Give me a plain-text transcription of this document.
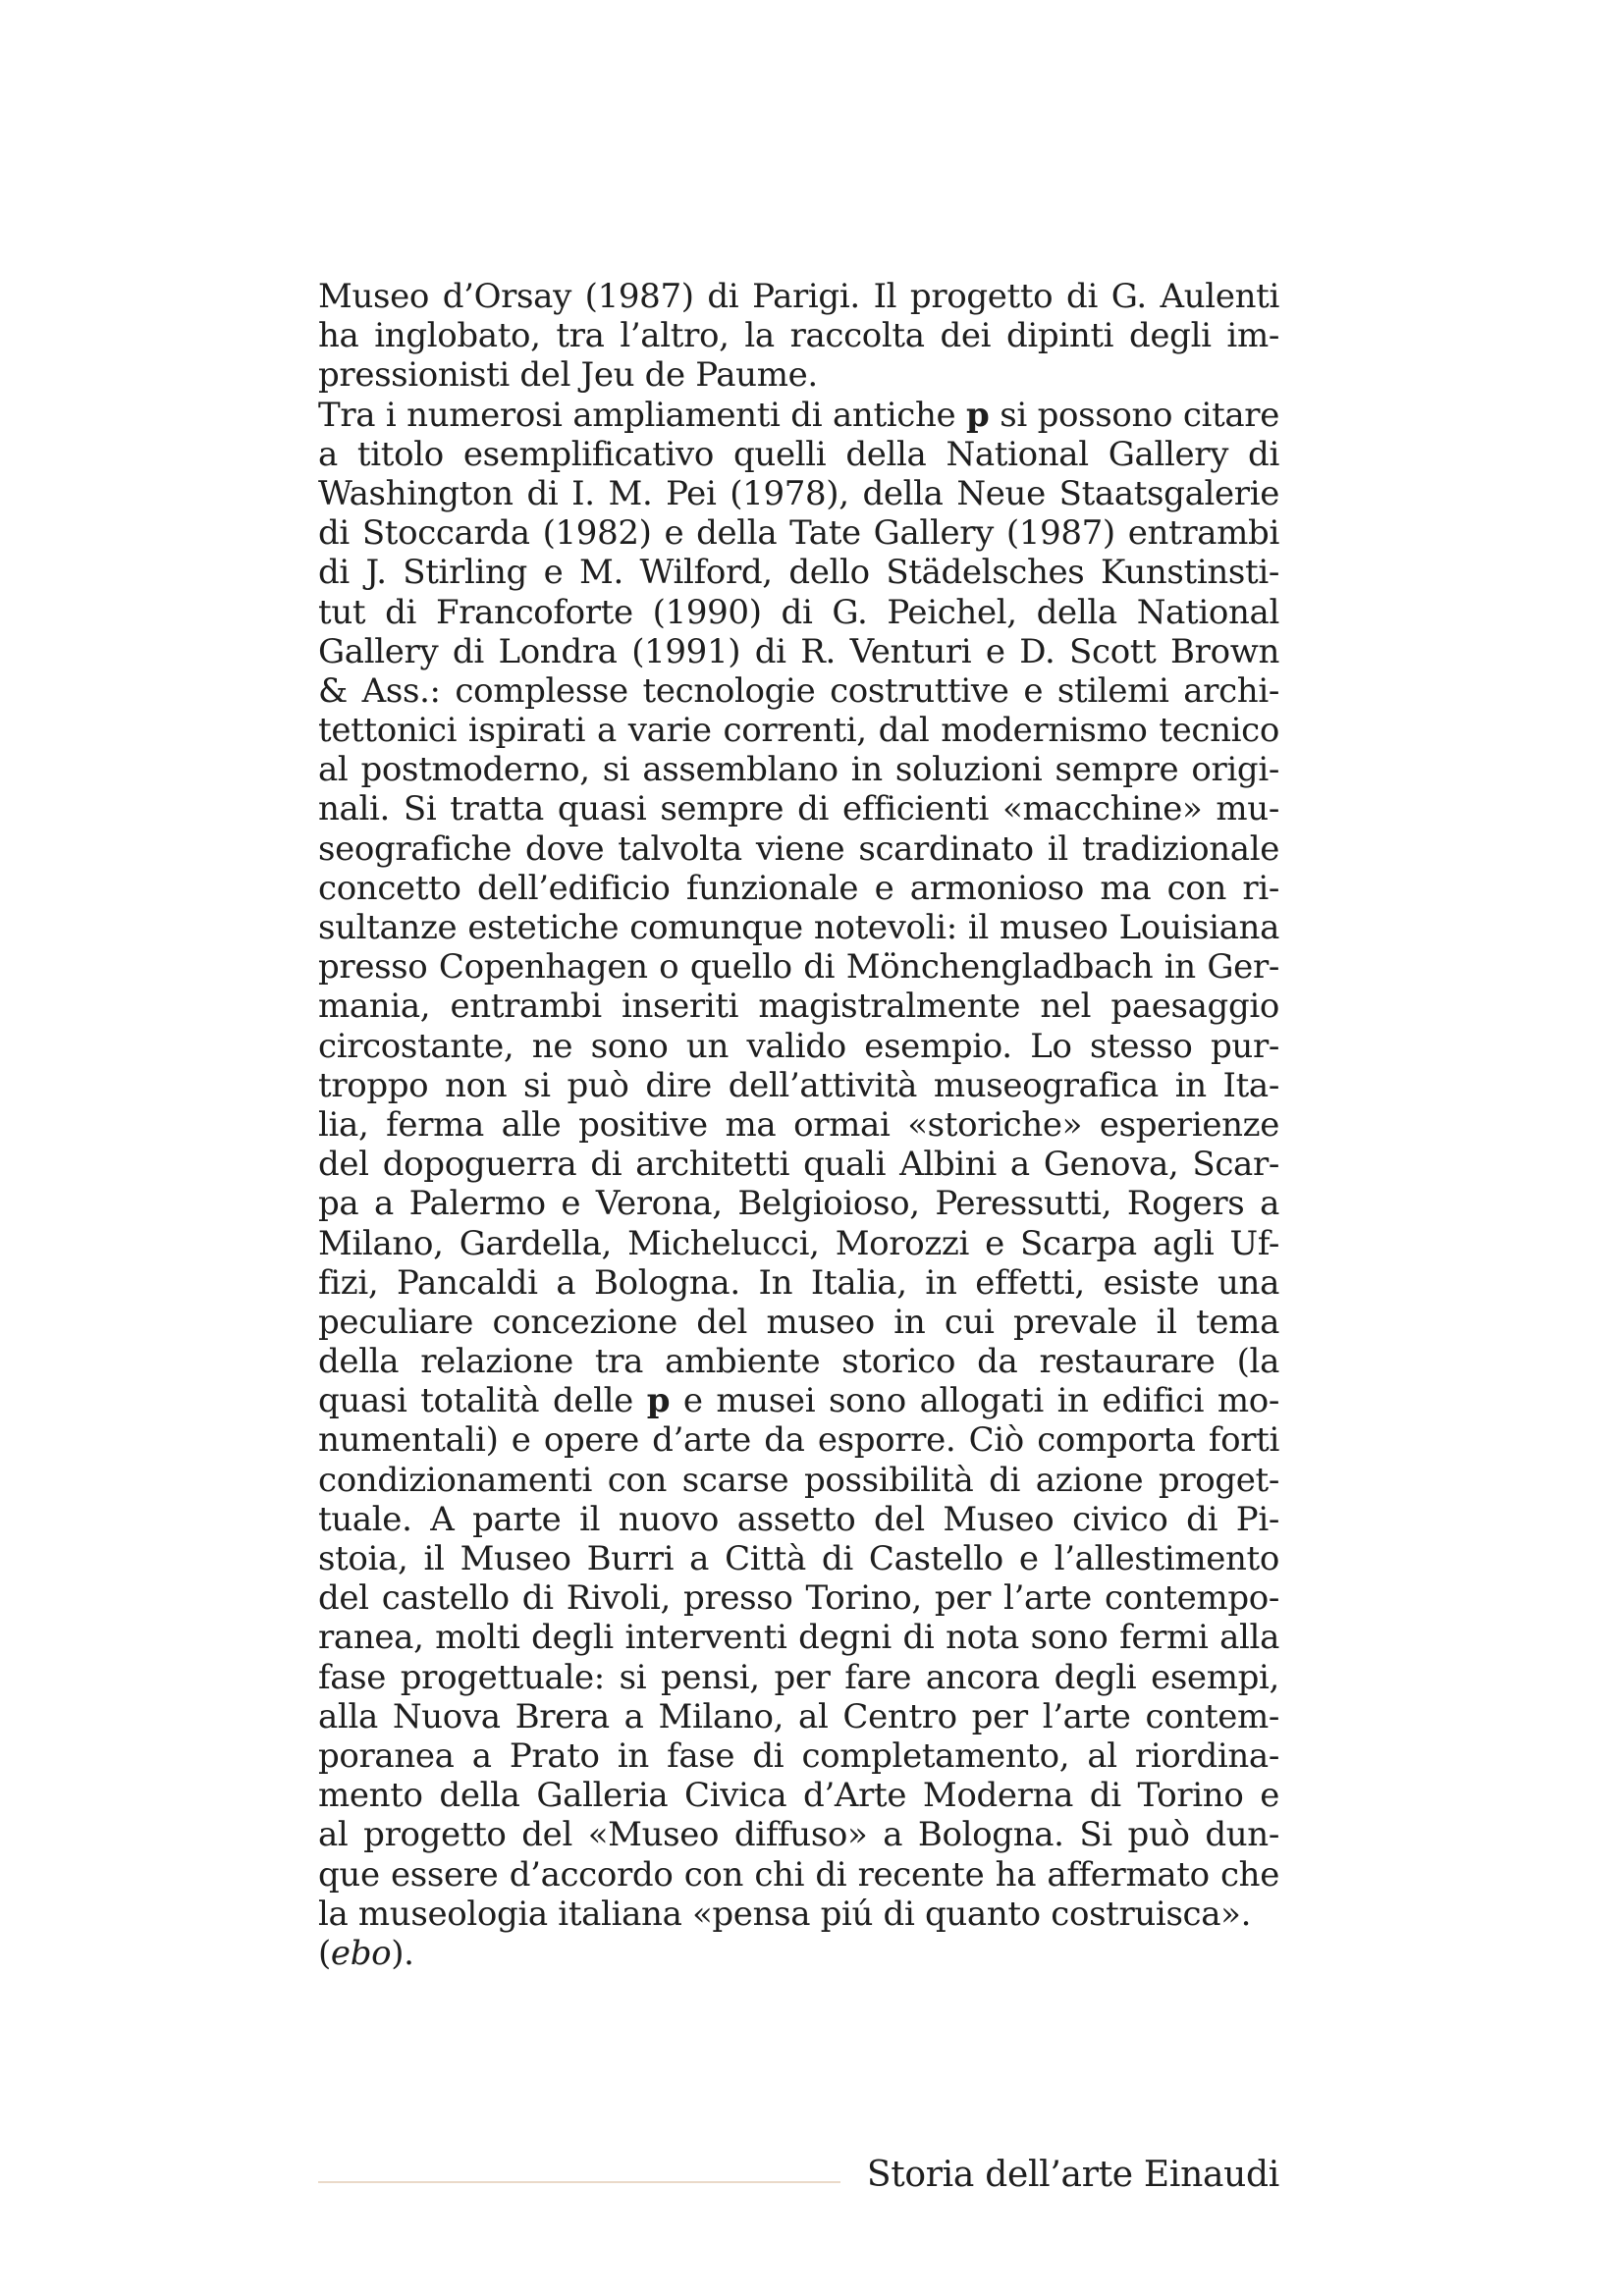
Museo d’Orsay (1987) di Parigi. Il progetto di G. Aulenti
ha inglobato, tra l’altro, la raccolta dei dipinti degli im-
pressionisti del Jeu de Paume.
Tra i numerosi ampliamenti di antiche p si possono citare
a titolo esemplificativo quelli della National Gallery di
Washington di I. M. Pei (1978), della Neue Staatsgalerie
di Stoccarda (1982) e della Tate Gallery (1987) entrambi
di J. Stirling e M. Wilford, dello Städelsches Kunstinsti-
tut di Francoforte (1990) di G. Peichel, della National
Gallery di Londra (1991) di R. Venturi e D. Scott Brown
& Ass.: complesse tecnologie costruttive e stilemi archi-
tettonici ispirati a varie correnti, dal modernismo tecnico
al postmoderno, si assemblano in soluzioni sempre origi-
nali. Si tratta quasi sempre di efficienti «macchine» mu-
seografiche dove talvolta viene scardinato il tradizionale
concetto dell’edificio funzionale e armonioso ma con ri-
sultanze estetiche comunque notevoli: il museo Louisiana
presso Copenhagen o quello di Mönchengladbach in Ger-
mania, entrambi inseriti magistralmente nel paesaggio
circostante, ne sono un valido esempio. Lo stesso pur-
troppo non si può dire dell’attività museografica in Ita-
lia, ferma alle positive ma ormai «storiche» esperienze
del dopoguerra di architetti quali Albini a Genova, Scar-
pa a Palermo e Verona, Belgioioso, Peressutti, Rogers a
Milano, Gardella, Michelucci, Morozzi e Scarpa agli Uf-
fizi, Pancaldi a Bologna. In Italia, in effetti, esiste una
peculiare concezione del museo in cui prevale il tema
della relazione tra ambiente storico da restaurare (la
quasi totalità delle p e musei sono allogati in edifici mo-
numentali) e opere d’arte da esporre. Ciò comporta forti
condizionamenti con scarse possibilità di azione proget-
tuale. A parte il nuovo assetto del Museo civico di Pi-
stoia, il Museo Burri a Città di Castello e l’allestimento
del castello di Rivoli, presso Torino, per l’arte contempo-
ranea, molti degli interventi degni di nota sono fermi alla
fase progettuale: si pensi, per fare ancora degli esempi,
alla Nuova Brera a Milano, al Centro per l’arte contem-
poranea a Prato in fase di completamento, al riordina-
mento della Galleria Civica d’Arte Moderna di Torino e
al progetto del «Museo diffuso» a Bologna. Si può dun-
que essere d’accordo con chi di recente ha affermato che
la museologia italiana «pensa piú di quanto costruisca».
(ebo).
Storia dell’arte Einaudi
